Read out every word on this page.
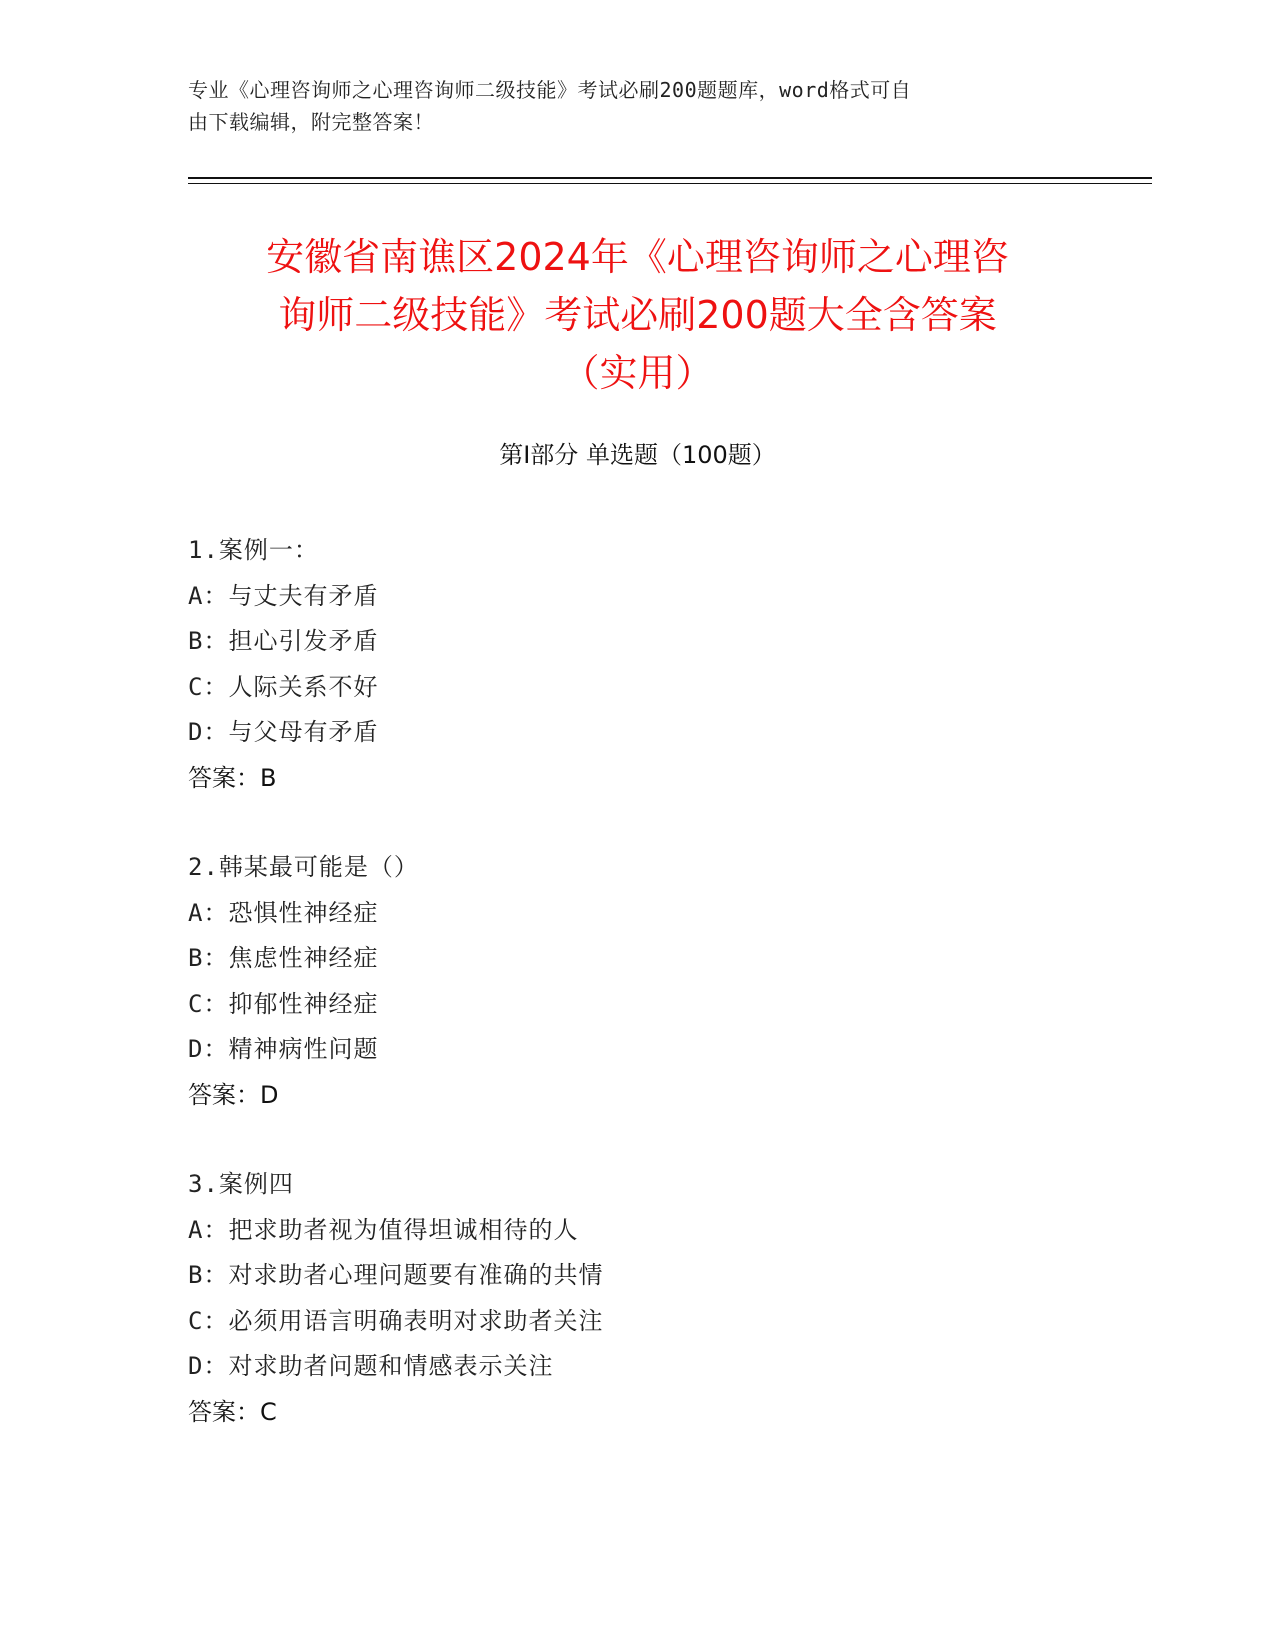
专业《心理咨询师之心理咨询师二级技能》考试必刷200题题库，word格式可自
由下载编辑，附完整答案！
安徽省南谯区2024年《心理咨询师之心理咨
询师二级技能》考试必刷200题大全含答案
（实用）
第Ⅰ部分 单选题（100题）
1.案例一：
A：与丈夫有矛盾
B：担心引发矛盾
C：人际关系不好
D：与父母有矛盾
答案：B
2.韩某最可能是（）
A：恐惧性神经症
B：焦虑性神经症
C：抑郁性神经症
D：精神病性问题
答案：D
3.案例四
A：把求助者视为值得坦诚相待的人
B：对求助者心理问题要有准确的共情
C：必须用语言明确表明对求助者关注
D：对求助者问题和情感表示关注
答案：C
